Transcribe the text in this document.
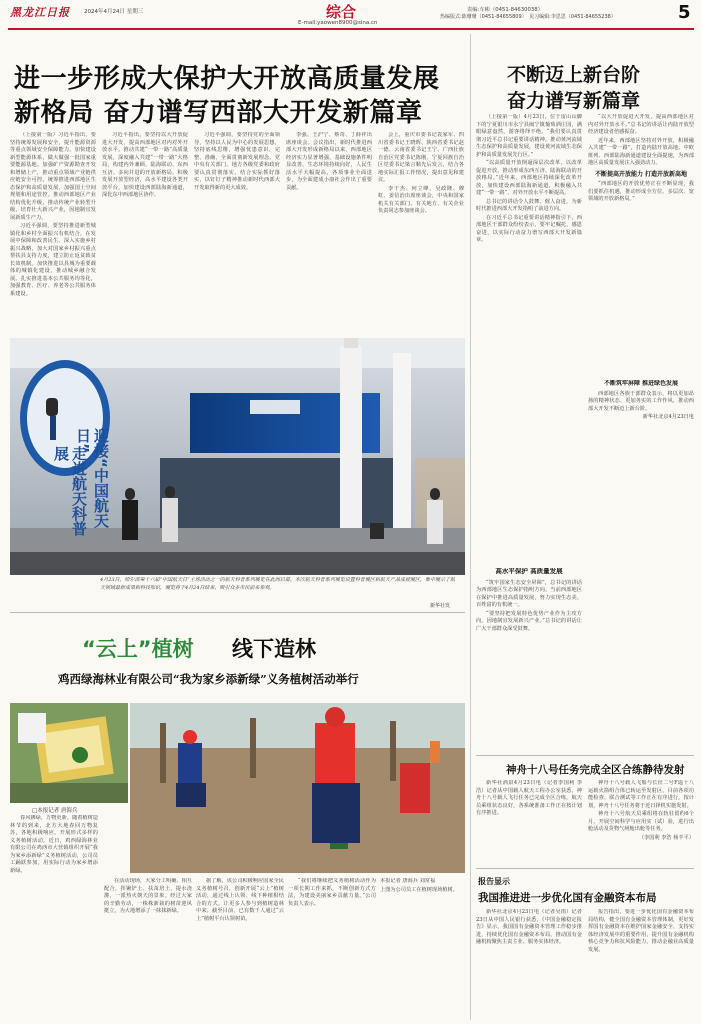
黑龙江日报	2024年4月24日 星期三	综合
E-mail:yaowen8900@sina.cn
责编:车彬（0451-84630038）
热编版式:陈珊珊（0451-84655809）　见习编辑:李思思（0451-84655238）	5
进一步形成大保护大开放高质量发展
新格局 奋力谱写西部大开发新篇章

（上接第一版）习近平指出，要坚持统筹发展和安全，提升能源资源等重点领域安全保障能力。加快建设新型能源体系，做大做强一批国家重要能源基地。加强矿产资源勘查开发和增储上产，推动重点领域产业链供应链安全可控。统筹推进西部地区生态保护和高质量发展，加强国土空间规划和用途管控。推动西部地区产业结构优化升级，推动传统产业转型升级，培育壮大新兴产业，因地制宜发展新质生产力。

习近平强调，要坚持推进新型城镇化和乡村全面振兴有机结合，在发展中保障和改善民生。深入实施乡村振兴战略，加大对国家乡村振兴重点帮扶县支持力度，建立防止返贫致贫长效机制。加快推进以县城为重要载体的城镇化建设，推动城乡融合发展。扎实推进基本公共服务均等化，加强教育、医疗、养老等公共服务体系建设。

习近平指出，要坚持以大开放促进大开发，提高西部地区对内对外开放水平。推动共建“一带一路”高质量发展，深度融入共建“一带一路”大格局，构建内外兼顾、陆海联动、东西互济、多向并进的开放新格局。积极发展开放型经济，高水平建设各类开放平台，加快建设西部陆海新通道，深化东中西部地区协作。

习近平强调，要坚持党的全面领导，坚持以人民为中心的发展思想，坚持底线思维，增强忧患意识，完整、准确、全面贯彻新发展理念。党中央有关部门、地方各级党委和政府要认真贯彻落实，结合实际抓好落实，以钉钉子精神推动新时代西部大开发取得新的更大成效。

李强、王沪宁、蔡奇、丁薛祥出席座谈会。会议指出，新时代推进西部大开发形成新格局以来，西部地区经济实力显著增强，基础设施条件明显改善，生态环境持续向好，人民生活水平大幅提高，各项事业全面进步，为全面建成小康社会作出了重要贡献。

会上，重庆市委书记袁家军、四川省委书记王晓晖、陕西省委书记赵一德、云南省委书记王宁、广西壮族自治区党委书记陈刚、宁夏回族自治区党委书记梁言顺先后发言，结合各地实际汇报工作情况，提出意见和建议。

李干杰、何立峰、吴政隆、穆虹、姜信治出席座谈会，中央和国家机关有关部门、有关地方、有关企业负责同志参加座谈会。

迎接“中国航天日”
走进航天科普展
4月23日，哈尔滨第十六届“中国航天日”主场活动之一的航天科普系列展览在此间启幕。本次航天科普系列展览设置科普展区和航天产品成就展区，集中展示了航天领域最新成果和科技知识，展览将于4月24日结束，吸引众多市民前来参观。
新华社发
“云上”植树 线下造林
鸡西绿海林业有限公司“我为家乡添新绿”义务植树活动举行
□本报记者 唐海兵

春风拂绿，万物更新。随着植树造林节的到来，北方大地春回万物复苏，各地积极响应，开展形式多样的义务植树活动。近日，鸡西绿海林业有限公司在鸡西市大营镇组织开展“我为家乡添新绿”义务植树活动，公司员工踊跃参加，用实际行动为家乡增添新绿。

在活动现场，大家分工明确、相互配合，挥锹铲土、扶苗培土、提水浇灌，一派热火朝天的景象。经过大家的辛勤劳动，一株株新栽的树苗迎风挺立，为大地增添了一抹抹新绿。

据了解，该公司积极响应国家全民义务植树号召，创新开展“云上”植树活动，通过线上认领、线下种植相结合的方式，让更多人参与到植树造林中来。截至目前，已有数千人通过“云上”植树平台认领树苗。

“我们将继续把义务植树活动作为一项长期工作来抓，不断创新方式方法，为建设美丽家乡贡献力量。”公司负责人表示。

本报记者 唐海兵 刘常福

上图为公司员工在植树现场植树。

不断迈上新台阶
奋力谱写新篇章

（上接第一版）4月23日，位于雷山山脚下的宁夏银川市永宁县闽宁镇葡萄酒庄园，满眼绿意盎然，游客络绎不绝。“我们要认真贯彻习近平总书记重要讲话精神，推动黄河流域生态保护和高质量发展，建设黄河流域生态保护和高质量发展先行区。”

“以高质量开放倒逼深层次改革，以改革促进开放，推动形成东西互济、陆海联动的开放格局。”近年来，西部地区持续深化改革开放，加快建设西部陆海新通道，积极融入共建“一带一路”，对外开放水平不断提高。

总书记的讲话令人鼓舞、催人奋进，为新时代推进西部大开发指明了前进方向。

在习近平总书记重要讲话精神指引下，西部地区干部群众纷纷表示，要牢记嘱托、感恩奋进，以实际行动奋力谱写西部大开发新篇章。

高水平保护 高质量发展

“筑牢国家生态安全屏障”，总书记的讲话为西部地区生态保护指明方向。当前西部地区在保护中推进高质量发展，努力实现生态美、百姓富的有机统一。

“要坚持把发展特色优势产业作为主攻方向，因地制宜发展新兴产业。”总书记的讲话让广大干部群众深受鼓舞。

“以大开放促进大开发，提高西部地区对内对外开放水平。”总书记的讲话让内陆开放型经济建设者倍感振奋。

近年来，西部地区坚持对外开放，积极融入共建“一带一路”，打造内陆开放高地。中欧班列、西部陆海新通道建设全面提速，为西部地区高质量发展注入强劲动力。

不断提高开放能力 打造开放新高地

“西部地区的开放优势正在不断显现，我们要抓住机遇，推动形成全方位、多层次、宽领域的开放新格局。”

不断筑牢屏障 推进绿色发展

西部地区各族干部群众表示，将以更加昂扬的精神状态、更加务实的工作作风，推动西部大开发不断迈上新台阶。

新华社北京4月23日电

神舟十八号任务完成全区合练静待发射

新华社酒泉4月23日电（记者李国利 李浩）记者从中国载人航天工程办公室获悉，神舟十八号载人飞行任务已完成全区合练，航天员乘组状态良好，各系统准备工作正在按计划有序推进。

神舟十八号载人飞船与长征二号F遥十八运载火箭组合体已转运至发射区，目前各项功能检查、联合测试等工作正在有序进行。按计划，神舟十八号任务将于近日择机实施发射。

神舟十八号航天员乘组将在轨驻留约6个月，开展空间科学与应用实（试）验，进行出舱活动及货物气闸舱出舱等任务。

（李国利 李浩 杨羊平）

报告显示
我国推进进一步优化国有金融资本布局

新华社北京4月23日电（记者吴雨）记者23日从中国人民银行获悉，《中国金融稳定报告》显示，我国国有金融资本管理工作稳步推进，持续优化国有金融资本布局，推动国有金融机构聚焦主责主业、服务实体经济。

报告指出，要进一步优化国有金融资本布局结构，健全国有金融资本管理体制，更好发挥国有金融资本在维护国家金融安全、支持实体经济发展中的重要作用，提升国有金融机构核心竞争力和抗风险能力，推动金融业高质量发展。
